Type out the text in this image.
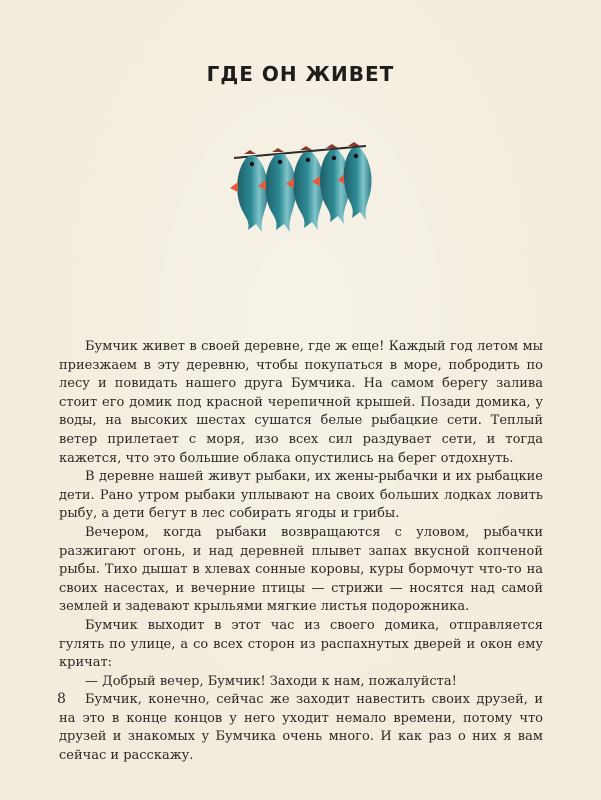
ГДЕ ОН ЖИВЕТ

Бумчик живет в своей деревне, где ж еще! Каждый год летом мы приезжаем в эту деревню, чтобы покупаться в море, побродить по лесу и повидать нашего друга Бумчика. На самом берегу залива стоит его домик под красной черепичной крышей. Позади домика, у воды, на высоких шестах сушатся белые рыбацкие сети. Теплый ветер прилетает с моря, изо всех сил раздувает сети, и тогда кажется, что это большие облака опустились на берег отдохнуть.

В деревне нашей живут рыбаки, их жены-рыбачки и их рыбацкие дети. Рано утром рыбаки уплывают на своих больших лодках ловить рыбу, а дети бегут в лес собирать ягоды и грибы.

Вечером, когда рыбаки возвращаются с уловом, рыбачки разжигают огонь, и над деревней плывет запах вкусной копченой рыбы. Тихо дышат в хлевах сонные коровы, куры бормочут что-то на своих насестах, и вечерние птицы — стрижи — носятся над самой землей и задевают крыльями мягкие листья подорожника.

Бумчик выходит в этот час из своего домика, отправляется гулять по улице, а со всех сторон из распахнутых дверей и окон ему кричат:

— Добрый вечер, Бумчик! Заходи к нам, пожалуйста!

Бумчик, конечно, сейчас же заходит навестить своих друзей, и на это в конце концов у него уходит немало времени, потому что друзей и знакомых у Бумчика очень много. И как раз о них я вам сейчас и расскажу.

8
